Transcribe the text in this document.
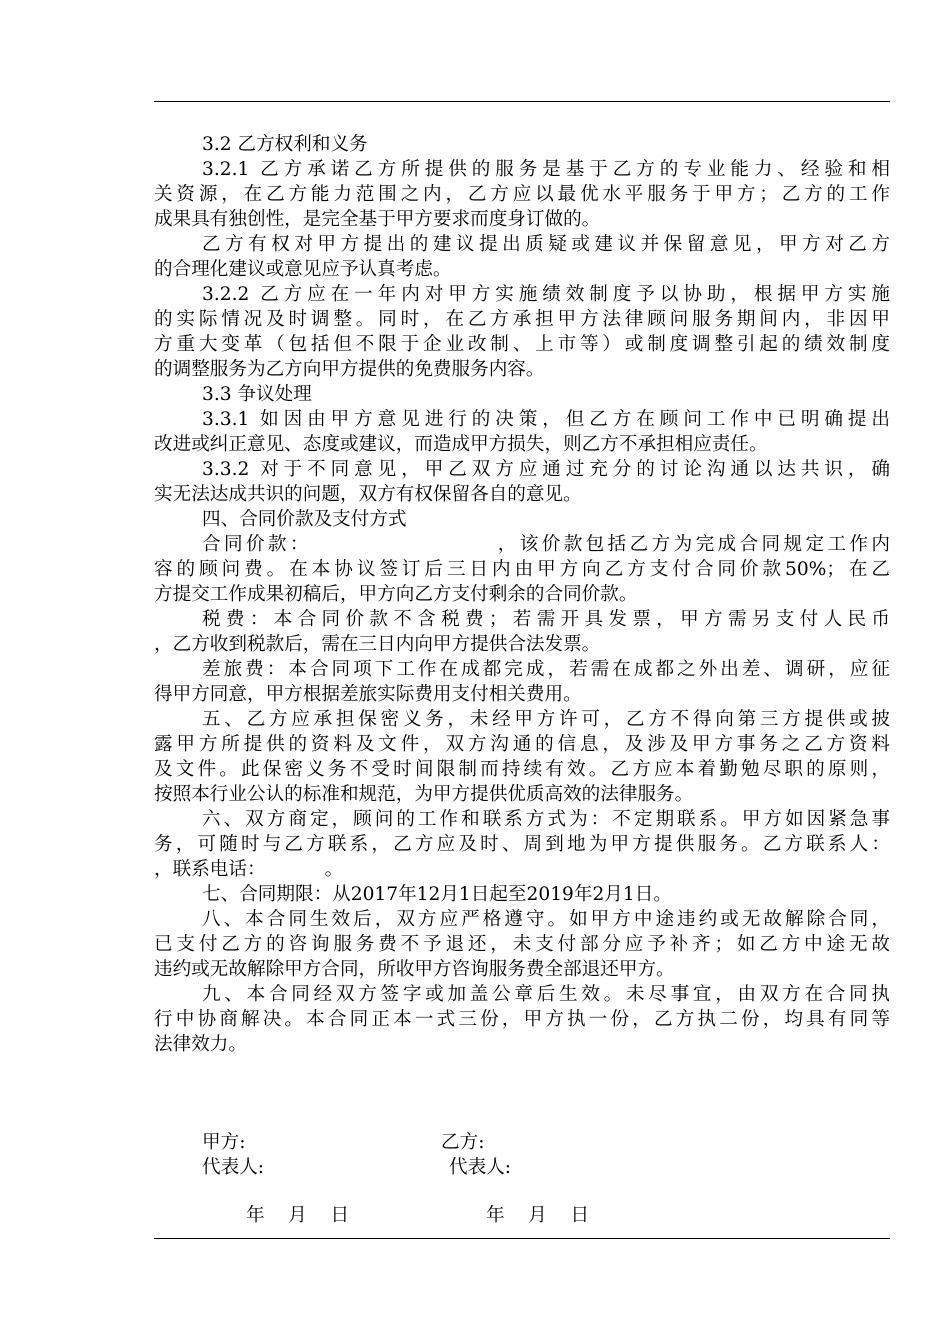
3.2 乙方权利和义务
3.2.1 乙方承诺乙方所提供的服务是基于乙方的专业能力、经验和相
关资源，在乙方能力范围之内，乙方应以最优水平服务于甲方；乙方的工作
成果具有独创性，是完全基于甲方要求而度身订做的。
乙方有权对甲方提出的建议提出质疑或建议并保留意见，甲方对乙方
的合理化建议或意见应予认真考虑。
3.2.2 乙方应在一年内对甲方实施绩效制度予以协助，根据甲方实施
的实际情况及时调整。同时，在乙方承担甲方法律顾问服务期间内，非因甲
方重大变革（包括但不限于企业改制、上市等）或制度调整引起的绩效制度
的调整服务为乙方向甲方提供的免费服务内容。
3.3 争议处理
3.3.1 如因由甲方意见进行的决策，但乙方在顾问工作中已明确提出
改进或纠正意见、态度或建议，而造成甲方损失，则乙方不承担相应责任。
3.3.2 对于不同意见，甲乙双方应通过充分的讨论沟通以达共识，确
实无法达成共识的问题，双方有权保留各自的意见。
四、合同价款及支付方式
合同价款：                    ，该价款包括乙方为完成合同规定工作内
容的顾问费。在本协议签订后三日内由甲方向乙方支付合同价款50%；在乙
方提交工作成果初稿后，甲方向乙方支付剩余的合同价款。
税费：本合同价款不含税费；若需开具发票，甲方需另支付人民币
，乙方收到税款后，需在三日内向甲方提供合法发票。
差旅费：本合同项下工作在成都完成，若需在成都之外出差、调研，应征
得甲方同意，甲方根据差旅实际费用支付相关费用。
五、乙方应承担保密义务，未经甲方许可，乙方不得向第三方提供或披
露甲方所提供的资料及文件，双方沟通的信息，及涉及甲方事务之乙方资料
及文件。此保密义务不受时间限制而持续有效。乙方应本着勤勉尽职的原则，
按照本行业公认的标准和规范，为甲方提供优质高效的法律服务。
六、双方商定，顾问的工作和联系方式为：不定期联系。甲方如因紧急事
务，可随时与乙方联系，乙方应及时、周到地为甲方提供服务。乙方联系人：
，联系电话：          。
七、合同期限：从2017年12月1日起至2019年2月1日。
八、本合同生效后，双方应严格遵守。如甲方中途违约或无故解除合同，
已支付乙方的咨询服务费不予退还，未支付部分应予补齐；如乙方中途无故
违约或无故解除甲方合同，所收甲方咨询服务费全部退还甲方。
九、本合同经双方签字或加盖公章后生效。未尽事宜，由双方在合同执
行中协商解决。本合同正本一式三份，甲方执一份，乙方执二份，均具有同等
法律效力。
甲方:	乙方:
代表人:	代表人:
年    月    日	年    月    日
